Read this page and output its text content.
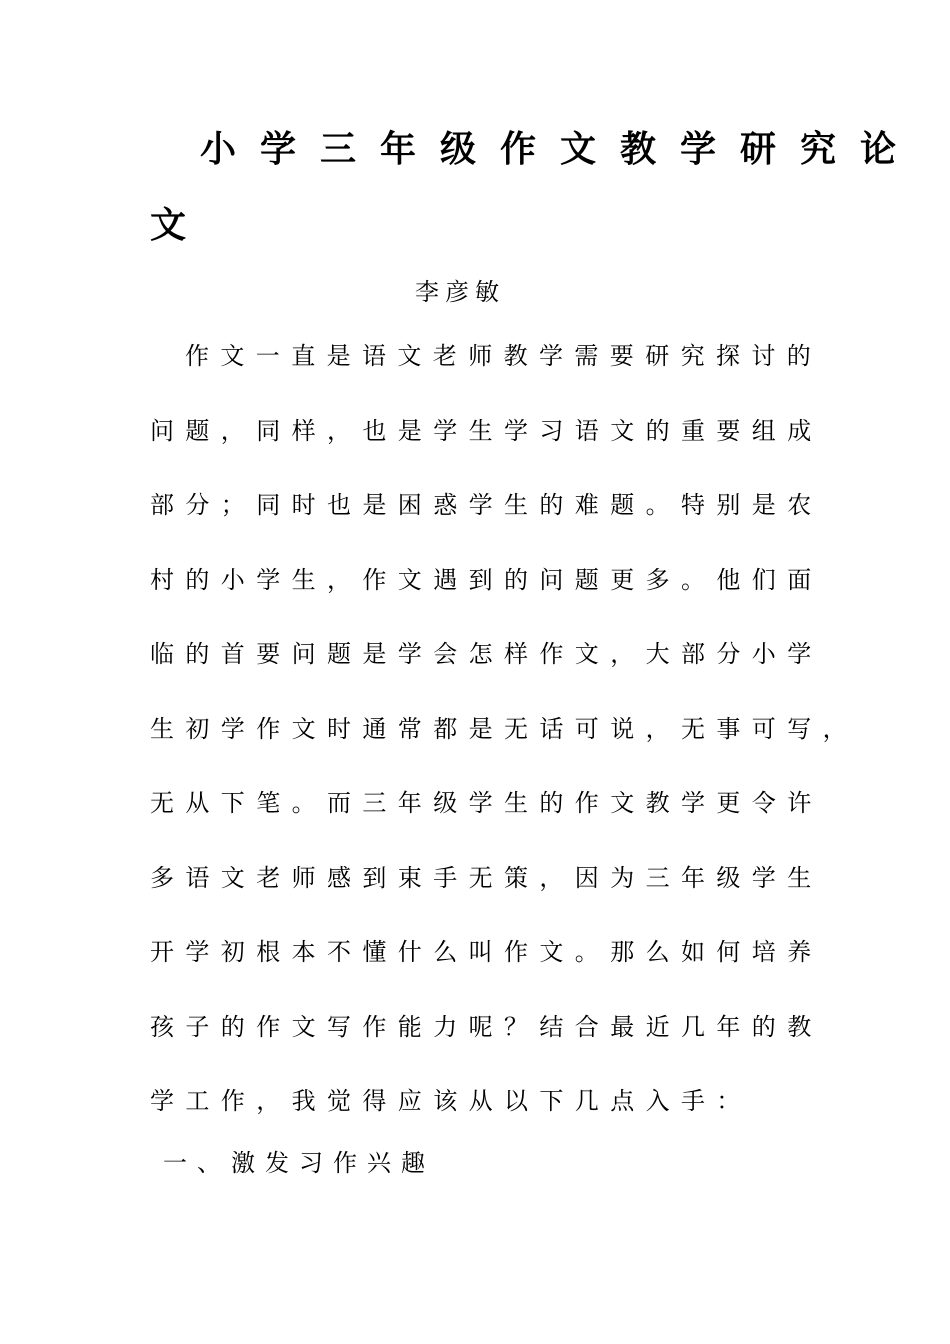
小学三年级作文教学研究论
文
李彦敏
作文一直是语文老师教学需要研究探讨的
问题，同样，也是学生学习语文的重要组成
部分；同时也是困惑学生的难题。特别是农
村的小学生，作文遇到的问题更多。他们面
临的首要问题是学会怎样作文，大部分小学
生初学作文时通常都是无话可说，无事可写，
无从下笔。而三年级学生的作文教学更令许
多语文老师感到束手无策，因为三年级学生
开学初根本不懂什么叫作文。那么如何培养
孩子的作文写作能力呢？结合最近几年的教
学工作，我觉得应该从以下几点入手：
一、激发习作兴趣
